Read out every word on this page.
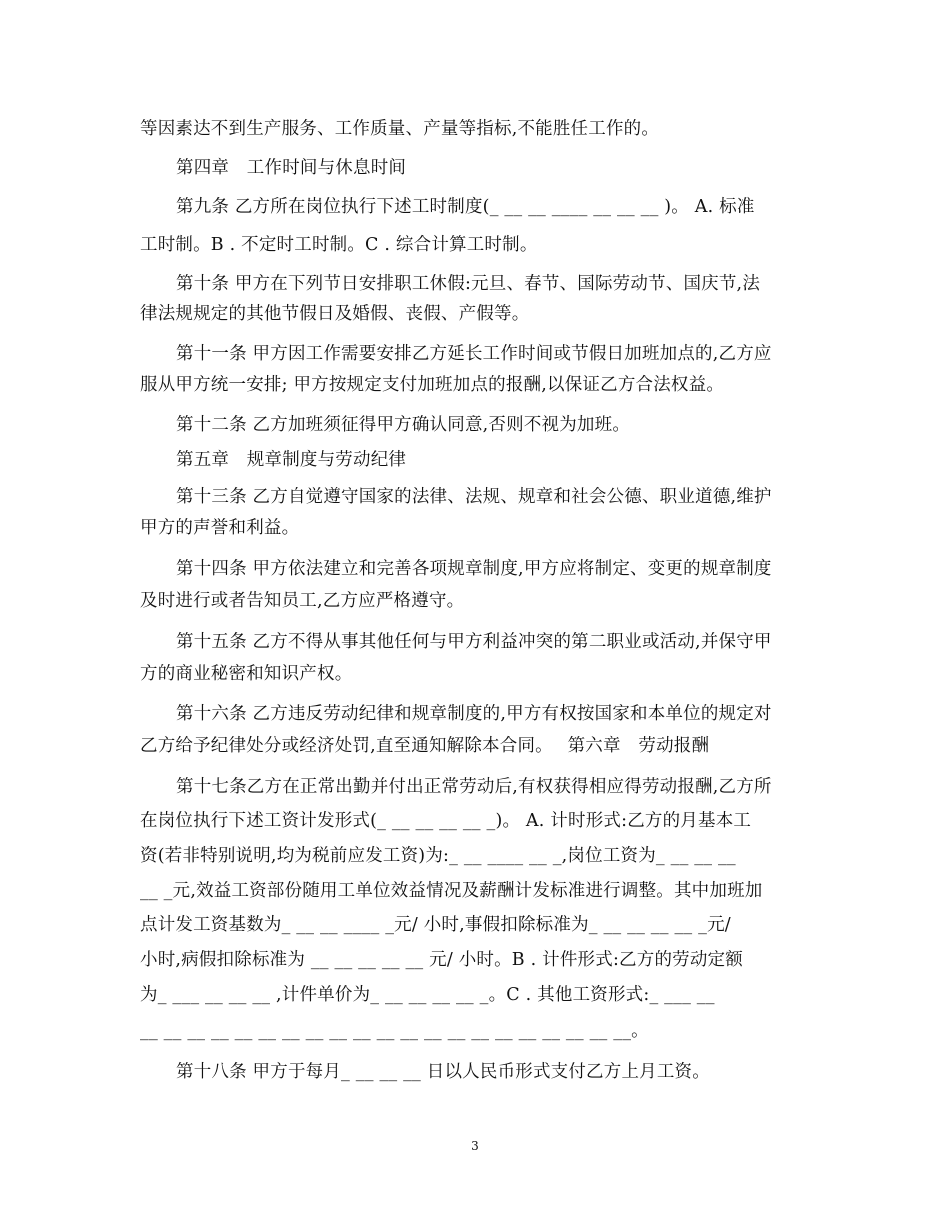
等因素达不到生产服务、工作质量、产量等指标,不能胜任工作的。
第四章　工作时间与休息时间
第九条 乙方所在岗位执行下述工时制度(_ __ __ ____ __ __ __ )。 A. 标准
工时制。B . 不定时工时制。C . 综合计算工时制。
第十条 甲方在下列节日安排职工休假:元旦、春节、国际劳动节、国庆节,法
律法规规定的其他节假日及婚假、丧假、产假等。
第十一条 甲方因工作需要安排乙方延长工作时间或节假日加班加点的,乙方应
服从甲方统一安排; 甲方按规定支付加班加点的报酬,以保证乙方合法权益。
第十二条 乙方加班须征得甲方确认同意,否则不视为加班。
第五章　规章制度与劳动纪律
第十三条 乙方自觉遵守国家的法律、法规、规章和社会公德、职业道德,维护
甲方的声誉和利益。
第十四条 甲方依法建立和完善各项规章制度,甲方应将制定、变更的规章制度
及时进行或者告知员工,乙方应严格遵守。
第十五条 乙方不得从事其他任何与甲方利益冲突的第二职业或活动,并保守甲
方的商业秘密和知识产权。
第十六条 乙方违反劳动纪律和规章制度的,甲方有权按国家和本单位的规定对
乙方给予纪律处分或经济处罚,直至通知解除本合同。　 第六章　劳动报酬
第十七条乙方在正常出勤并付出正常劳动后,有权获得相应得劳动报酬,乙方所
在岗位执行下述工资计发形式(_ __ __ __ __ _)。 A. 计时形式:乙方的月基本工
资(若非特别说明,均为税前应发工资)为:_ __ ____ __ _,岗位工资为_ __ __ __
__ _元,效益工资部份随用工单位效益情况及薪酬计发标准进行调整。其中加班加
点计发工资基数为_ __ __ ____ _元/ 小时,事假扣除标准为_ __ __ __ __ _元/
小时,病假扣除标准为 __ __ __ __ __ 元/ 小时。B . 计件形式:乙方的劳动定额
为_ ___ __ __ __ ,计件单价为_ __ __ __ __ _。C . 其他工资形式:_ ___ __
__ __ __ __ __ __ __ __ __ __ __ __ __ __ __ __ __ __ __ __ __。
第十八条 甲方于每月_ __ __ __ 日以人民币形式支付乙方上月工资。
3
